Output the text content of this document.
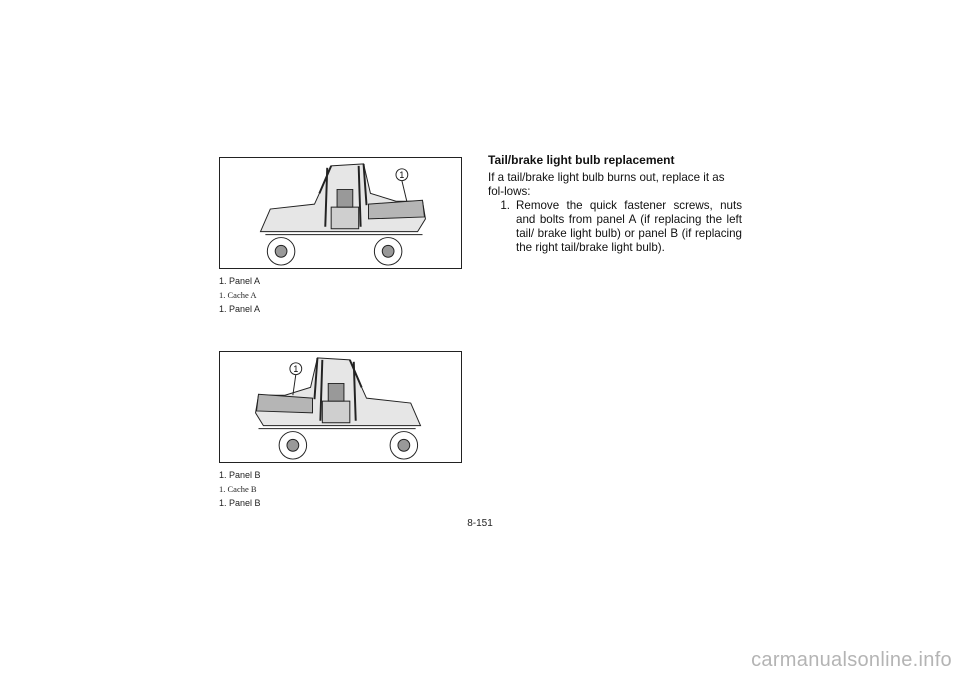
1
1. Panel A
1. Cache A
1. Panel A
1
1. Panel B
1. Cache B
1. Panel B
Tail/brake light bulb replacement

If a tail/brake light bulb burns out, replace it as fol-lows:

1. Remove the quick fastener screws, nuts and bolts from panel A (if replacing the left tail/ brake light bulb) or panel B (if replacing the right tail/brake light bulb).
8-151
carmanualsonline.info
